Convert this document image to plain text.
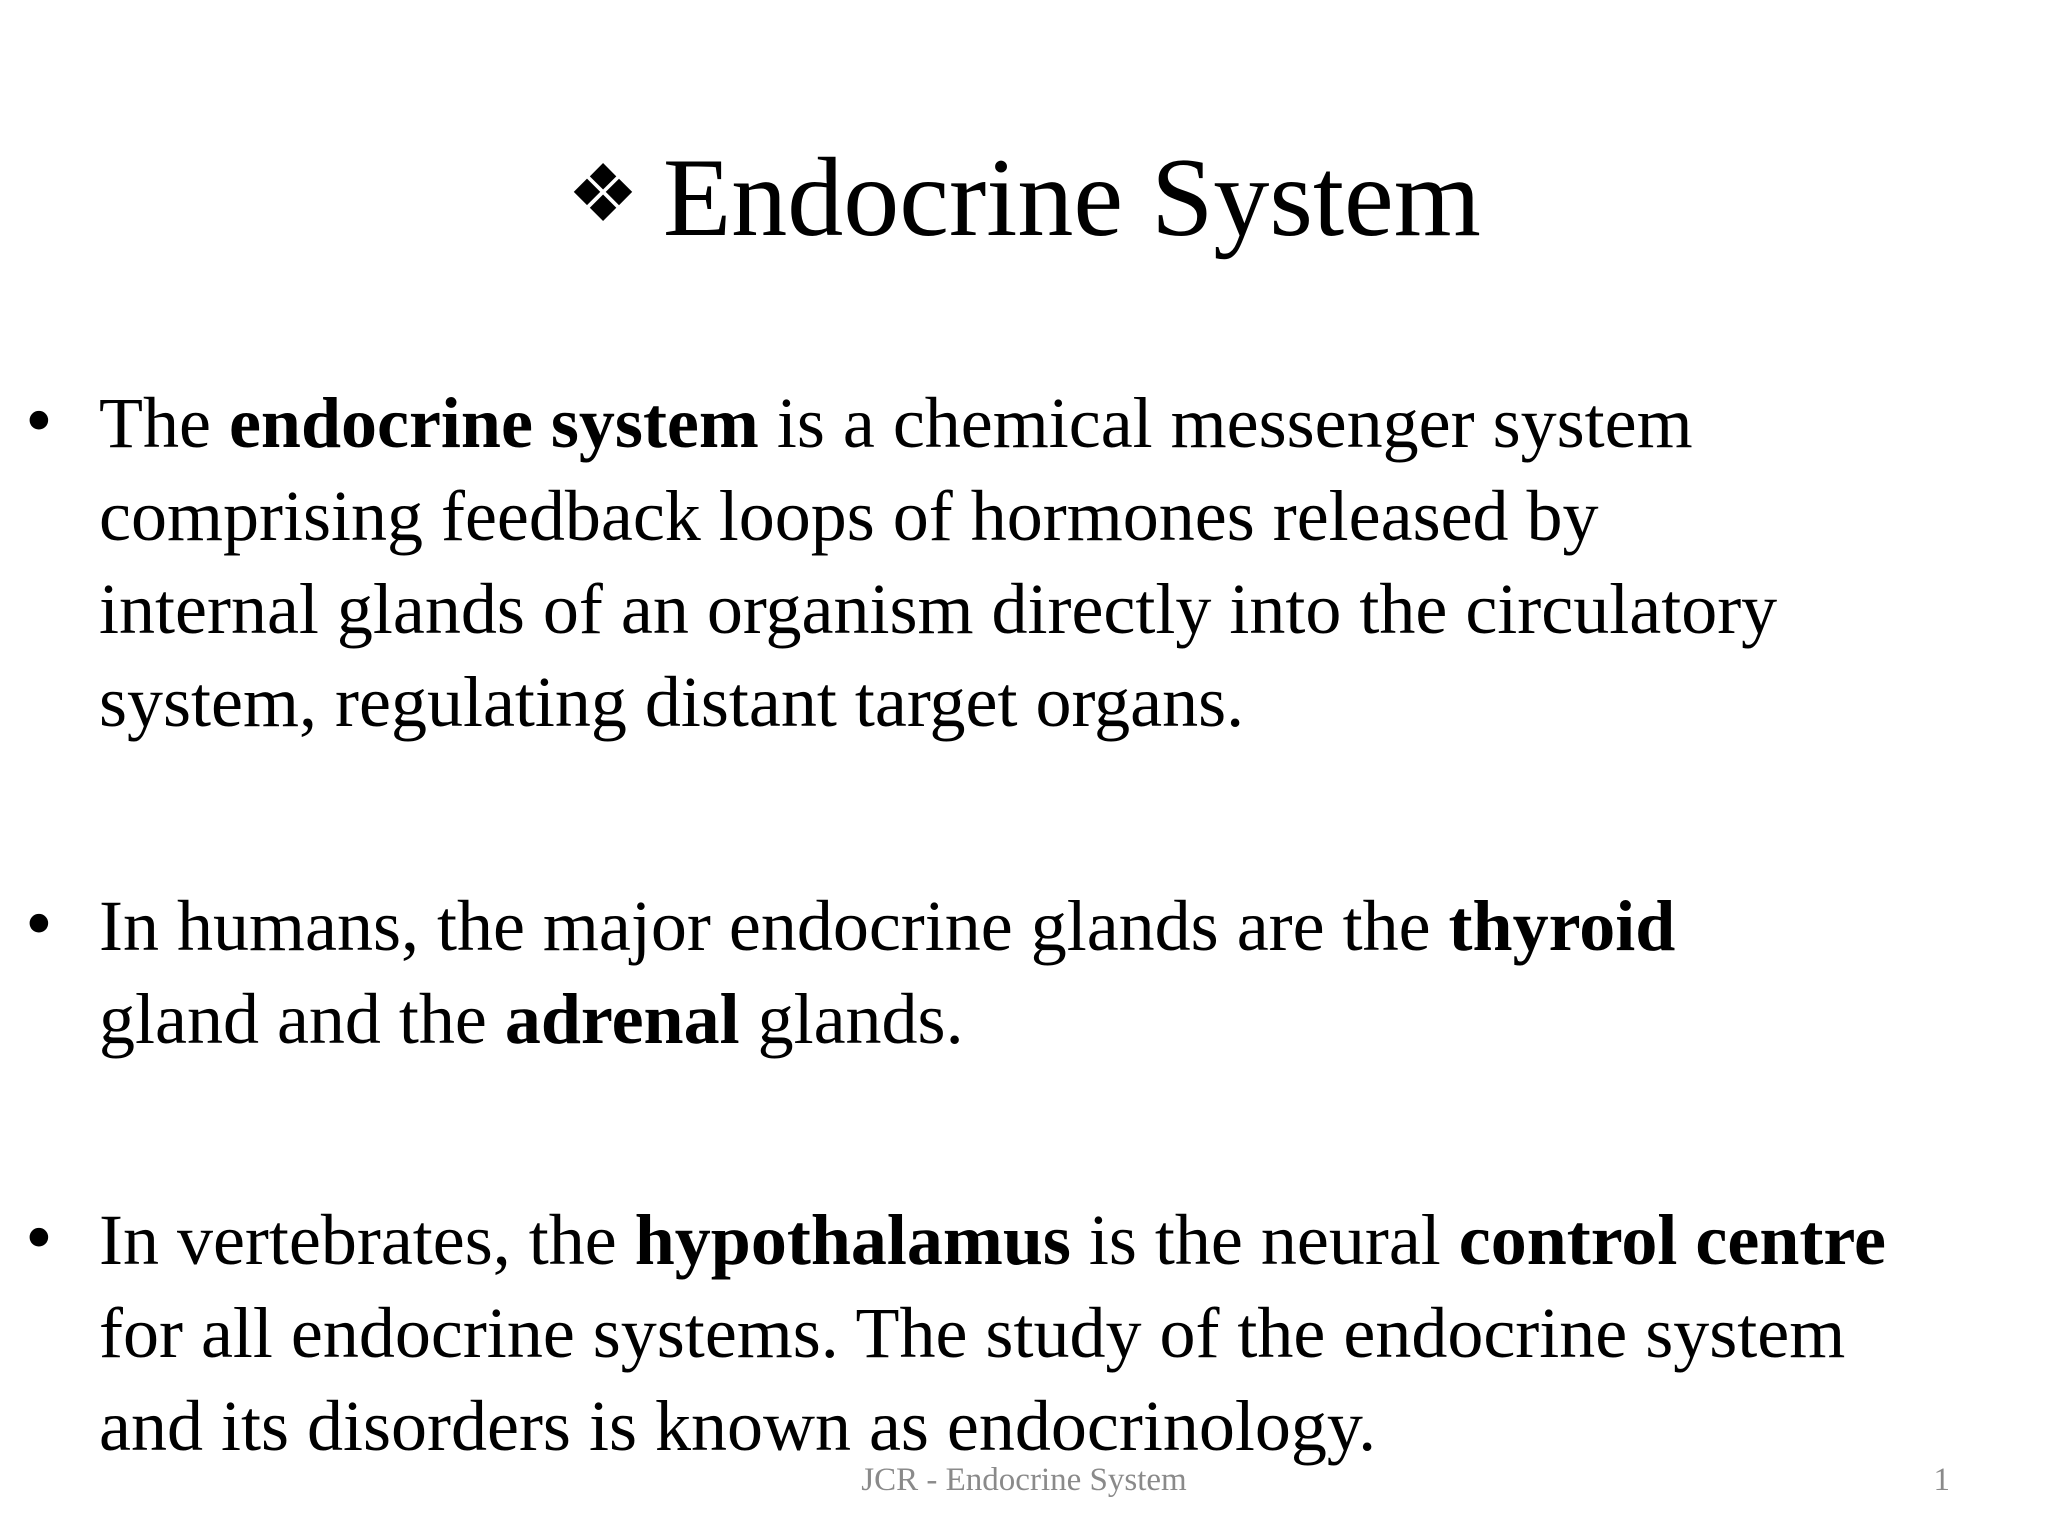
❖ Endocrine System
• The endocrine system is a chemical messenger system
comprising feedback loops of hormones released by
internal glands of an organism directly into the circulatory
system, regulating distant target organs.
• In humans, the major endocrine glands are the thyroid
gland and the adrenal glands.
• In vertebrates, the hypothalamus is the neural control centre
for all endocrine systems. The study of the endocrine system
and its disorders is known as endocrinology.
JCR - Endocrine System	1
